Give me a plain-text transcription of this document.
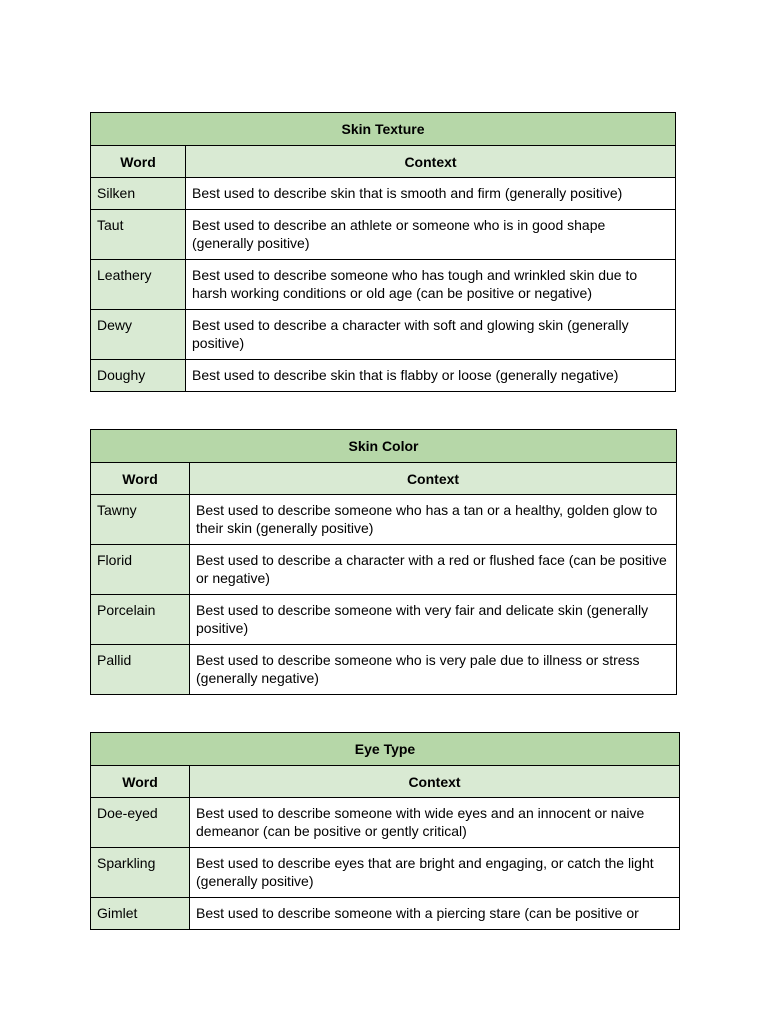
Skin Texture	
Word	Context
Silken	Best used to describe skin that is smooth and firm (generally positive)
Taut	Best used to describe an athlete or someone who is in good shape (generally positive)
Leathery	Best used to describe someone who has tough and wrinkled skin due to harsh working conditions or old age (can be positive or negative)
Dewy	Best used to describe a character with soft and glowing skin (generally positive)
Doughy	Best used to describe skin that is flabby or loose (generally negative)
Skin Color	
Word	Context
Tawny	Best used to describe someone who has a tan or a healthy, golden glow to their skin (generally positive)
Florid	Best used to describe a character with a red or flushed face (can be positive or negative)
Porcelain	Best used to describe someone with very fair and delicate skin (generally positive)
Pallid	Best used to describe someone who is very pale due to illness or stress (generally negative)
Eye Type	
Word	Context
Doe-eyed	Best used to describe someone with wide eyes and an innocent or naive demeanor (can be positive or gently critical)
Sparkling	Best used to describe eyes that are bright and engaging, or catch the light (generally positive)
Gimlet	Best used to describe someone with a piercing stare (can be positive or
